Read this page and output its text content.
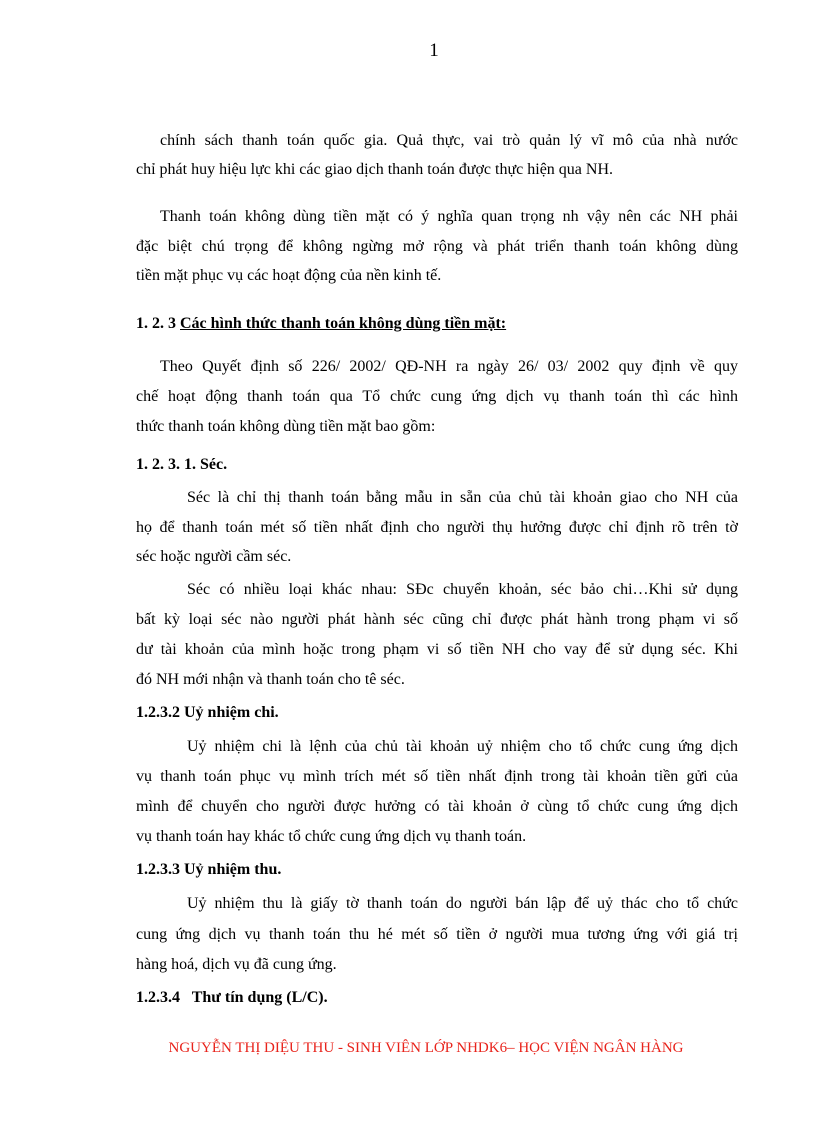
1
chính sách thanh toán quốc gia. Quả thực, vai trò quản lý vĩ mô của nhà nước
chỉ phát huy hiệu lực khi các giao dịch thanh toán được thực hiện qua NH.
Thanh toán không dùng tiền mặt có ý nghĩa quan trọng nh vậy nên các NH phải
đặc biệt chú trọng để không ngừng mở rộng và phát triển thanh toán không dùng
tiền mặt phục vụ các hoạt động của nền kinh tế.
1. 2. 3 Các hình thức thanh toán không dùng tiền mặt:
Theo Quyết định số 226/ 2002/ QĐ-NH ra ngày 26/ 03/ 2002 quy định về quy
chế hoạt động thanh toán qua Tổ chức cung ứng dịch vụ thanh toán thì các hình
thức thanh toán không dùng tiền mặt bao gồm:
1. 2. 3. 1. Séc.
Séc là chỉ thị thanh toán bằng mẫu in sẵn của chủ tài khoản giao cho NH của
họ để thanh toán mét số tiền nhất định cho người thụ hưởng được chỉ định rõ trên tờ
séc hoặc người cầm séc.
Séc có nhiều loại khác nhau: SÐc chuyển khoản, séc bảo chi…Khi sử dụng
bất kỳ loại séc nào người phát hành séc cũng chỉ được phát hành trong phạm vi số
dư tài khoản của mình hoặc trong phạm vi số tiền NH cho vay để sử dụng séc. Khi
đó NH mới nhận và thanh toán cho tê séc.
1.2.3.2 Uỷ nhiệm chi.
Uỷ nhiệm chi là lệnh của chủ tài khoản uỷ nhiệm cho tổ chức cung ứng dịch
vụ thanh toán phục vụ mình trích mét số tiền nhất định trong tài khoản tiền gửi của
mình để chuyển cho người được hưởng có tài khoản ở cùng tổ chức cung ứng dịch
vụ thanh toán hay khác tổ chức cung ứng dịch vụ thanh toán.
1.2.3.3 Uỷ nhiệm thu.
Uỷ nhiệm thu là giấy tờ thanh toán do người bán lập để uỷ thác cho tổ chức
cung ứng dịch vụ thanh toán thu hé mét số tiền ở người mua tương ứng với giá trị
hàng hoá, dịch vụ đã cung ứng.
1.2.3.4   Thư tín dụng (L/C).
NGUYỄN THỊ DIỆU THU - SINH VIÊN LỚP NHDK6– HỌC VIỆN NGÂN HÀNG
